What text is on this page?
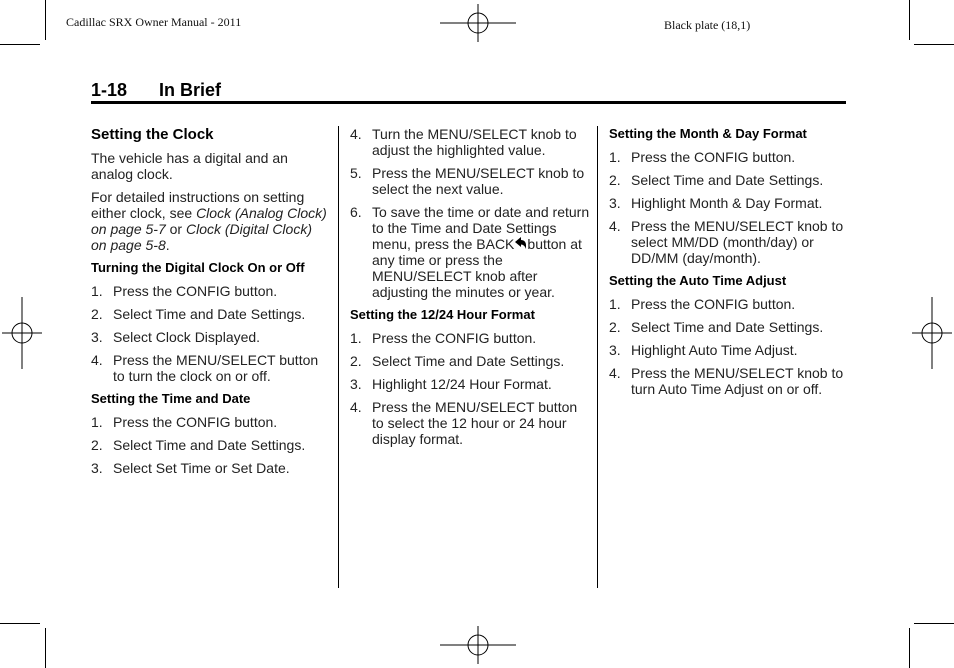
Cadillac SRX Owner Manual - 2011	Black plate (18,1)
1-18 In Brief
Setting the Clock

The vehicle has a digital and an analog clock.

For detailed instructions on setting either clock, see Clock (Analog Clock) on page 5-7 or Clock (Digital Clock) on page 5-8.

Turning the Digital Clock On or Off
1. Press the CONFIG button.
2. Select Time and Date Settings.
3. Select Clock Displayed.
4. Press the MENU/SELECT button to turn the clock on or off.
Setting the Time and Date
1. Press the CONFIG button.
2. Select Time and Date Settings.
3. Select Set Time or Set Date.
4. Turn the MENU/SELECT knob to adjust the highlighted value.
5. Press the MENU/SELECT knob to select the next value.
6. To save the time or date and return to the Time and Date Settings menu, press the BACK button at any time or press the MENU/SELECT knob after adjusting the minutes or year.
Setting the 12/24 Hour Format
1. Press the CONFIG button.
2. Select Time and Date Settings.
3. Highlight 12/24 Hour Format.
4. Press the MENU/SELECT button to select the 12 hour or 24 hour display format.
Setting the Month & Day Format
1. Press the CONFIG button.
2. Select Time and Date Settings.
3. Highlight Month & Day Format.
4. Press the MENU/SELECT knob to select MM/DD (month/day) or DD/MM (day/month).
Setting the Auto Time Adjust
1. Press the CONFIG button.
2. Select Time and Date Settings.
3. Highlight Auto Time Adjust.
4. Press the MENU/SELECT knob to turn Auto Time Adjust on or off.
